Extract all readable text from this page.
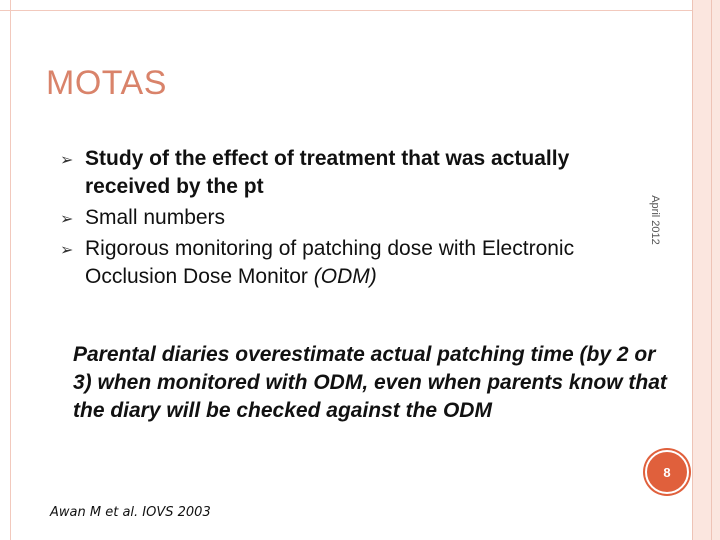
MOTAS
April 2012
➢ Study of the effect of treatment that was actually received by the pt
➢ Small numbers
➢ Rigorous monitoring of patching dose with Electronic Occlusion Dose Monitor (ODM)
Parental diaries overestimate actual patching time (by 2 or 3) when monitored with ODM, even when parents know that the diary will be checked against the ODM
8
Awan M et al. IOVS 2003
